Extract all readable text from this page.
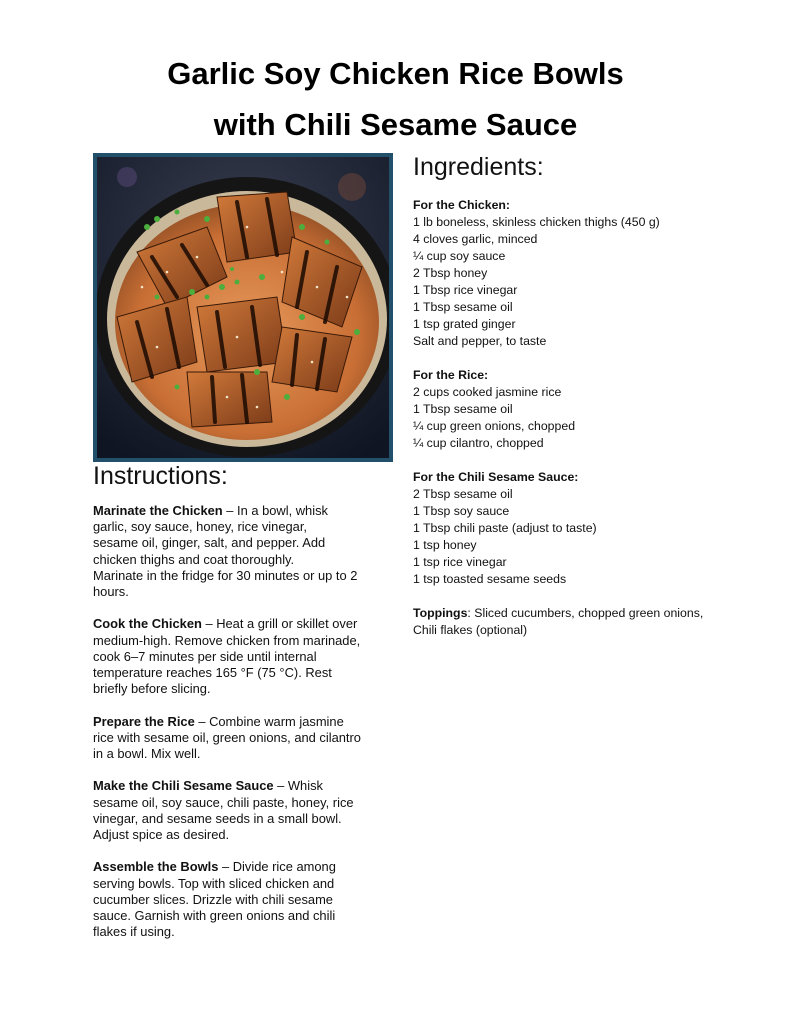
Garlic Soy Chicken Rice Bowls
with Chili Sesame Sauce
Ingredients:
For the Chicken:
1 lb boneless, skinless chicken thighs (450 g)
4 cloves garlic, minced
¼ cup soy sauce
2 Tbsp honey
1 Tbsp rice vinegar
1 Tbsp sesame oil
1 tsp grated ginger
Salt and pepper, to taste
For the Rice:
2 cups cooked jasmine rice
1 Tbsp sesame oil
¼ cup green onions, chopped
¼ cup cilantro, chopped
For the Chili Sesame Sauce:
2 Tbsp sesame oil
1 Tbsp soy sauce
1 Tbsp chili paste (adjust to taste)
1 tsp honey
1 tsp rice vinegar
1 tsp toasted sesame seeds
Toppings: Sliced cucumbers, chopped green onions,
Chili flakes (optional)
Instructions:
Marinate the Chicken – In a bowl, whisk
garlic, soy sauce, honey, rice vinegar,
sesame oil, ginger, salt, and pepper. Add
chicken thighs and coat thoroughly.
Marinate in the fridge for 30 minutes or up to 2
hours.
Cook the Chicken – Heat a grill or skillet over
medium-high. Remove chicken from marinade,
cook 6–7 minutes per side until internal
temperature reaches 165 °F (75 °C). Rest
briefly before slicing.
Prepare the Rice – Combine warm jasmine
rice with sesame oil, green onions, and cilantro
in a bowl. Mix well.
Make the Chili Sesame Sauce – Whisk
sesame oil, soy sauce, chili paste, honey, rice
vinegar, and sesame seeds in a small bowl.
Adjust spice as desired.
Assemble the Bowls – Divide rice among
serving bowls. Top with sliced chicken and
cucumber slices. Drizzle with chili sesame
sauce. Garnish with green onions and chili
flakes if using.
